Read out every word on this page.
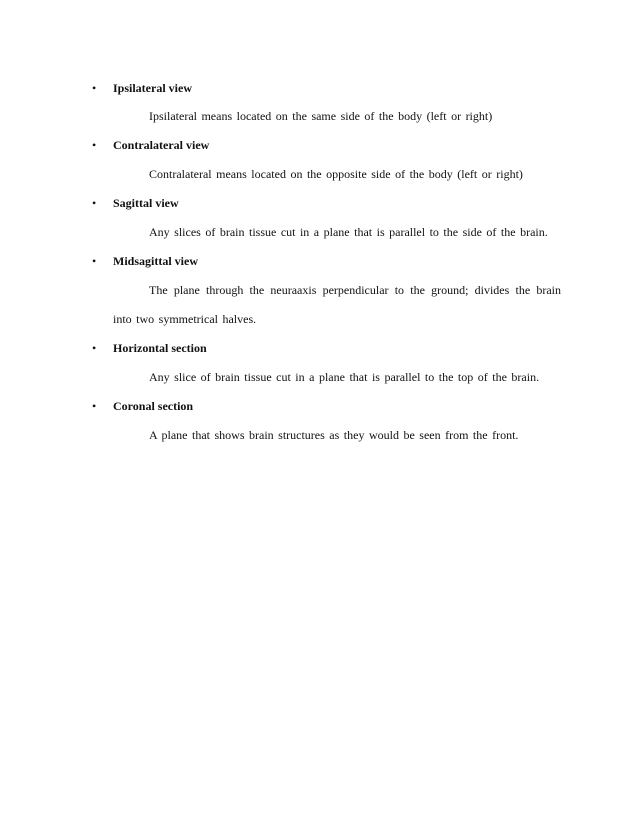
• Ipsilateral view
Ipsilateral means located on the same side of the body (left or right)
• Contralateral view
Contralateral means located on the opposite side of the body (left or right)
• Sagittal view
Any slices of brain tissue cut in a plane that is parallel to the side of the brain.
• Midsagittal view
The plane through the neuraaxis perpendicular to the ground; divides the brain
into two symmetrical halves.
• Horizontal section
Any slice of brain tissue cut in a plane that is parallel to the top of the brain.
• Coronal section
A plane that shows brain structures as they would be seen from the front.
